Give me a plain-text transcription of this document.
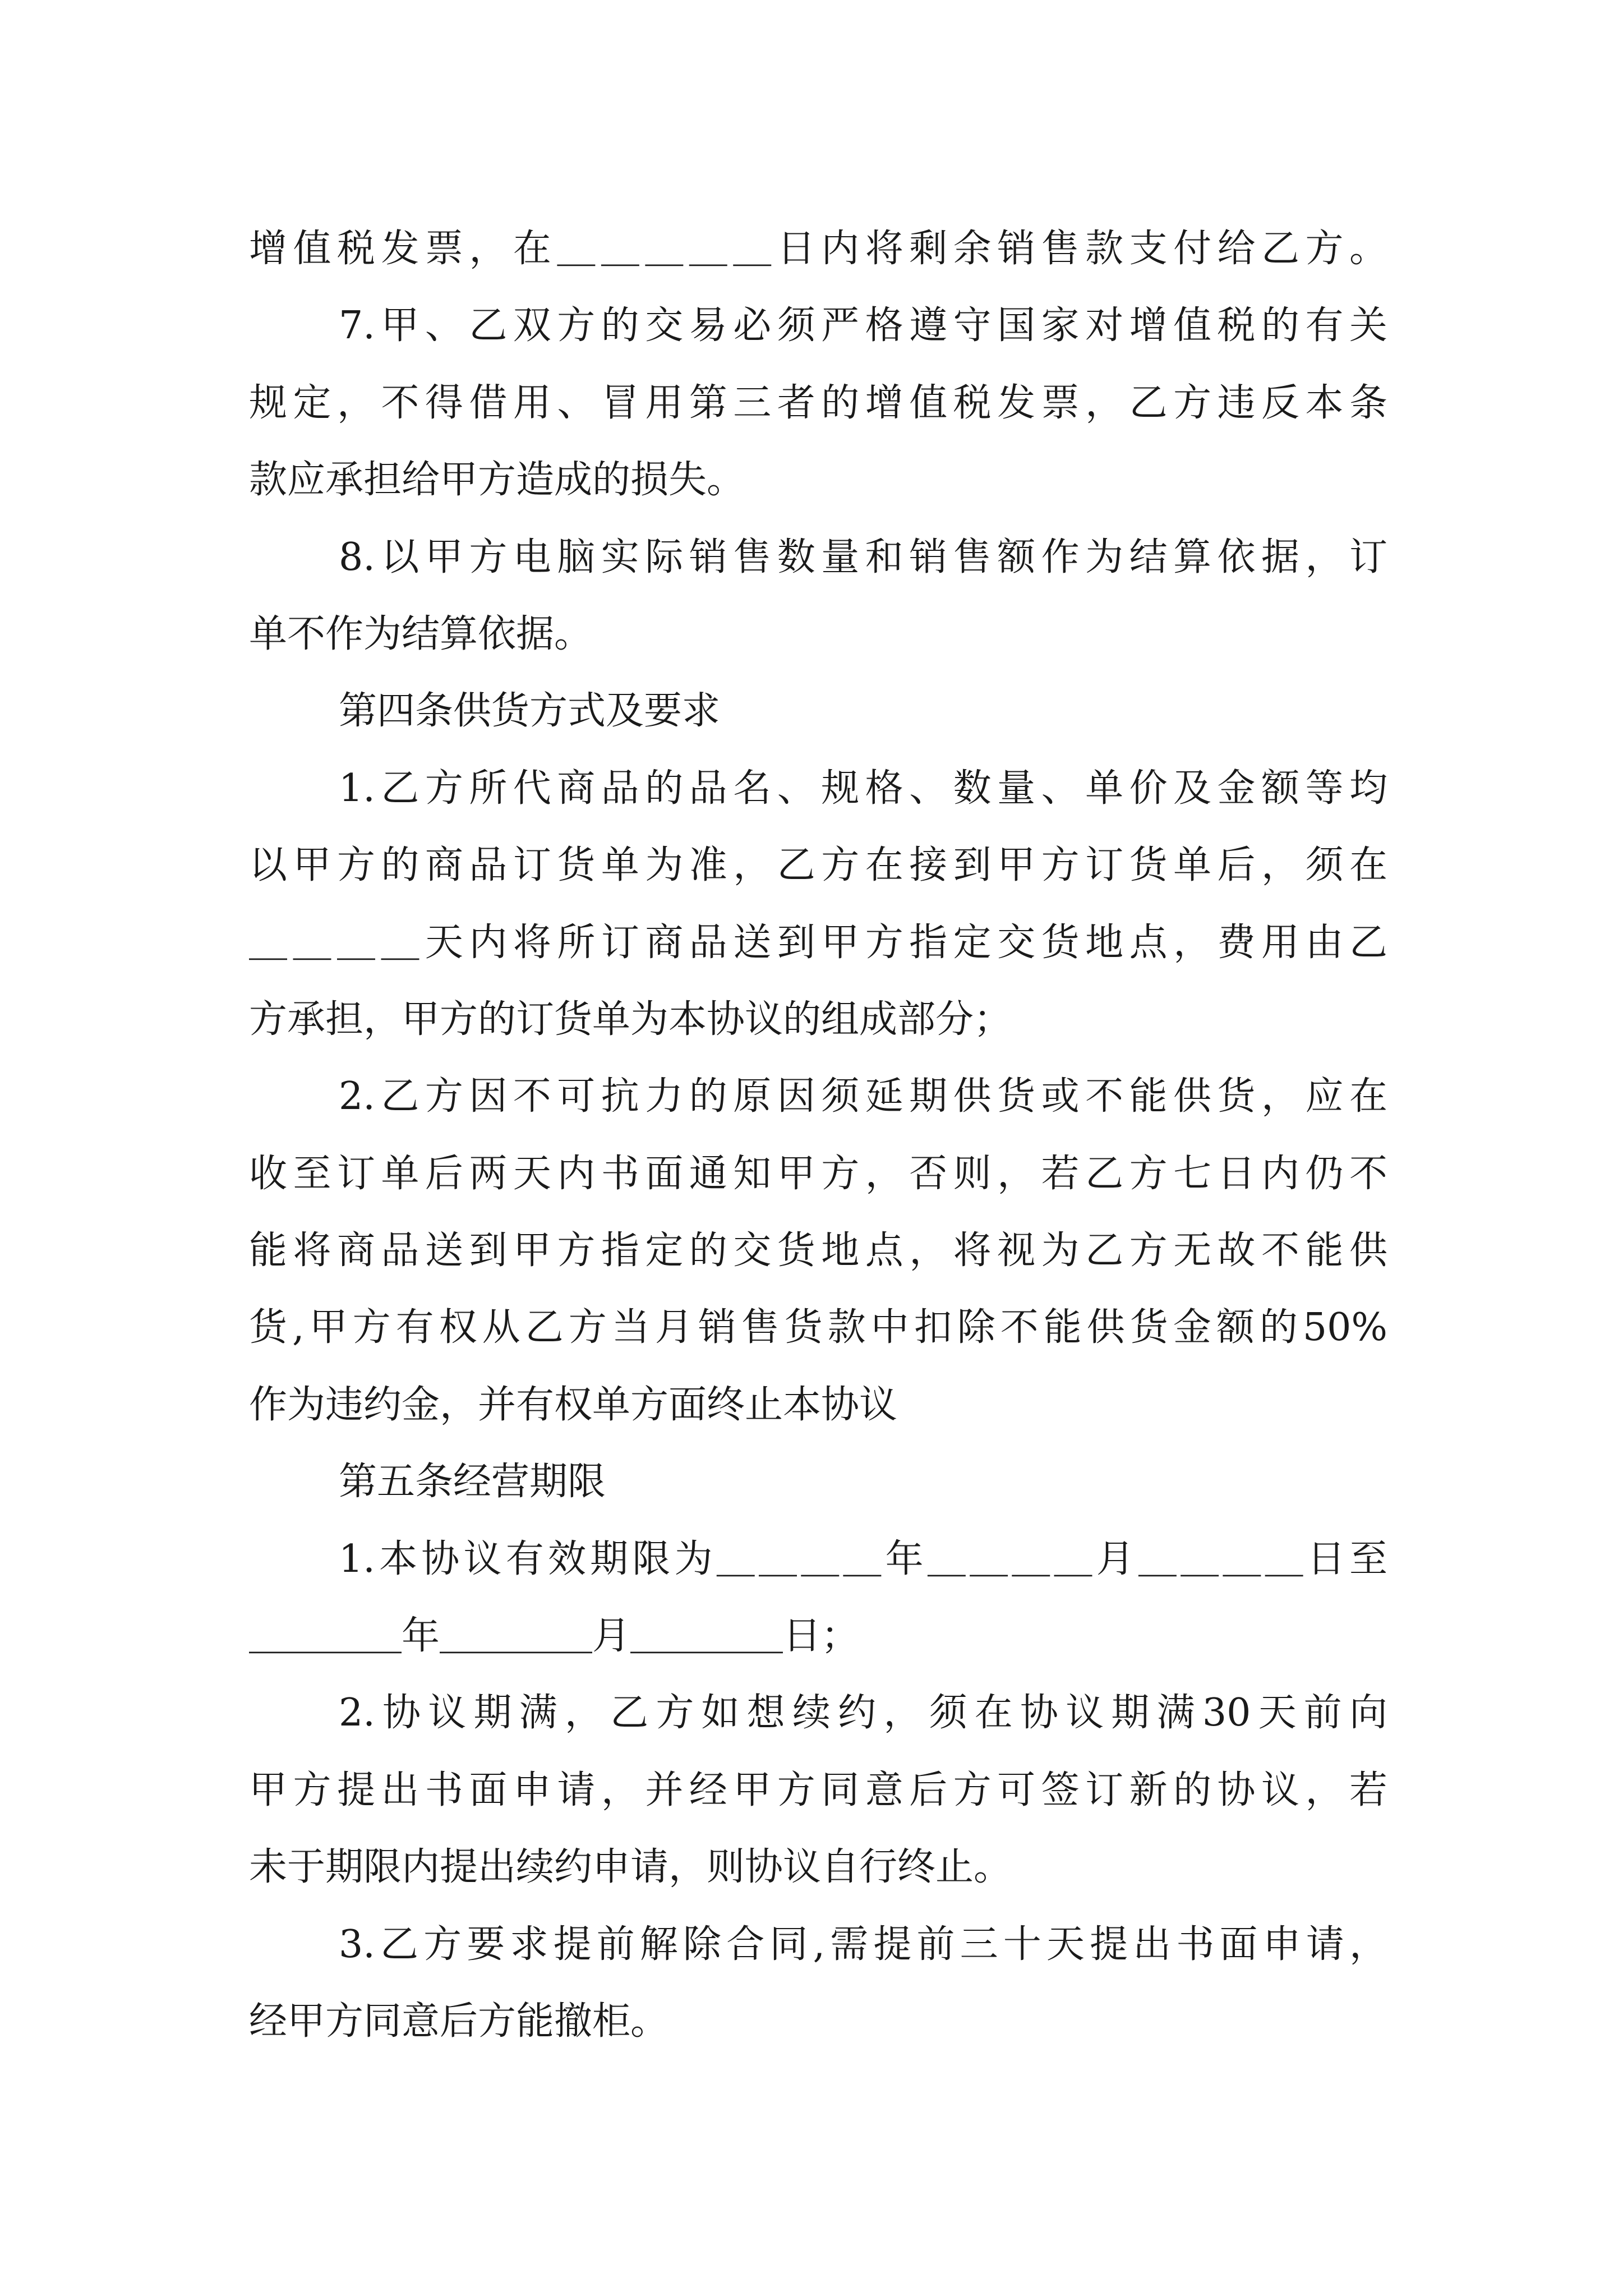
增值税发票，在＿＿＿＿＿日内将剩余销售款支付给乙方。
7.甲、乙双方的交易必须严格遵守国家对增值税的有关
规定，不得借用、冒用第三者的增值税发票，乙方违反本条
款应承担给甲方造成的损失。
8.以甲方电脑实际销售数量和销售额作为结算依据，订
单不作为结算依据。
第四条供货方式及要求
1.乙方所代商品的品名、规格、数量、单价及金额等均
以甲方的商品订货单为准，乙方在接到甲方订货单后，须在
＿＿＿＿天内将所订商品送到甲方指定交货地点，费用由乙
方承担，甲方的订货单为本协议的组成部分；
2.乙方因不可抗力的原因须延期供货或不能供货，应在
收至订单后两天内书面通知甲方，否则，若乙方七日内仍不
能将商品送到甲方指定的交货地点，将视为乙方无故不能供
货,甲方有权从乙方当月销售货款中扣除不能供货金额的50%
作为违约金，并有权单方面终止本协议
第五条经营期限
1.本协议有效期限为＿＿＿＿年＿＿＿＿月＿＿＿＿日至
＿＿＿＿年＿＿＿＿月＿＿＿＿日；
2.协议期满，乙方如想续约，须在协议期满30天前向
甲方提出书面申请，并经甲方同意后方可签订新的协议，若
未于期限内提出续约申请，则协议自行终止。
3.乙方要求提前解除合同,需提前三十天提出书面申请，
经甲方同意后方能撤柜。
